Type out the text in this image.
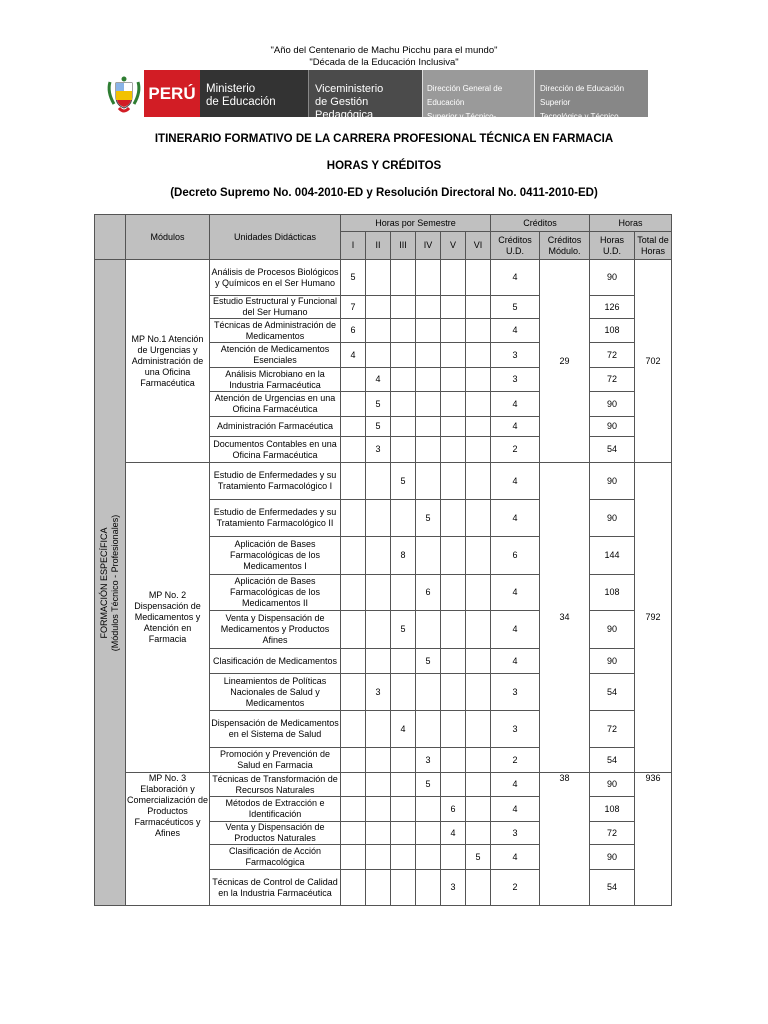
"Año del Centenario de Machu Picchu para el mundo"
"Década de la Educación Inclusiva"
PERÚ Ministerio
de Educación
Viceministerio
de Gestión Pedagógica
Dirección General de Educación
Superior y Técnico-Profesional
Dirección de Educación Superior
Tecnológica y Técnico Productiva
ITINERARIO FORMATIVO DE LA CARRERA PROFESIONAL TÉCNICA EN FARMACIA
HORAS Y CRÉDITOS
(Decreto Supremo No. 004-2010-ED y Resolución Directoral No. 0411-2010-ED)
	Módulos	Unidades Didácticas	Horas por Semestre						Créditos		Horas	
			I	II	III	IV	V	VI	Créditos U.D.	Créditos Módulo.	Horas U.D.	Total de Horas

FORMACIÓN ESPECÍFICA (Módulos Técnico - Profesionales)	MP No.1 Atención de Urgencias y Administración de una Oficina Farmacéutica	Análisis de Procesos Biológicos y Químicos en el Ser Humano	5						4	29	90	702
		Estudio Estructural y Funcional del Ser Humano	7						5		126	
		Técnicas de Administración de Medicamentos	6						4		108	
		Atención de Medicamentos Esenciales	4						3		72	
		Análisis Microbiano en la Industria Farmacéutica		4					3		72	
		Atención de Urgencias en una Oficina Farmacéutica		5					4		90	
		Administración Farmacéutica		5					4		90	
		Documentos Contables en una Oficina Farmacéutica		3					2		54	
	MP No. 2 Dispensación de Medicamentos y Atención en Farmacia	Estudio de Enfermedades y su Tratamiento Farmacológico I			5				4	34	90	792
		Estudio de Enfermedades y su Tratamiento Farmacológico II				5			4		90	
		Aplicación de Bases Farmacológicas de los Medicamentos I			8				6		144	
		Aplicación de Bases Farmacológicas de los Medicamentos II				6			4		108	
		Venta y Dispensación de Medicamentos y Productos Afines			5				4		90	
		Clasificación de Medicamentos				5			4		90	
		Lineamientos de Políticas Nacionales de Salud y Medicamentos		3					3		54	
		Dispensación de Medicamentos en el Sistema de Salud			4				3		72	
		Promoción y Prevención de Salud en Farmacia				3			2		54	
	MP No. 3 Elaboración y Comercialización de Productos Farmacéuticos y Afines	Técnicas de Transformación de Recursos Naturales				5			4	38	90	936
		Métodos de Extracción e Identificación					6		4		108	
		Venta y Dispensación de Productos Naturales					4		3		72	
		Clasificación de Acción Farmacológica						5	4		90	
		Técnicas de Control de Calidad en la Industria Farmacéutica					3		2		54	
